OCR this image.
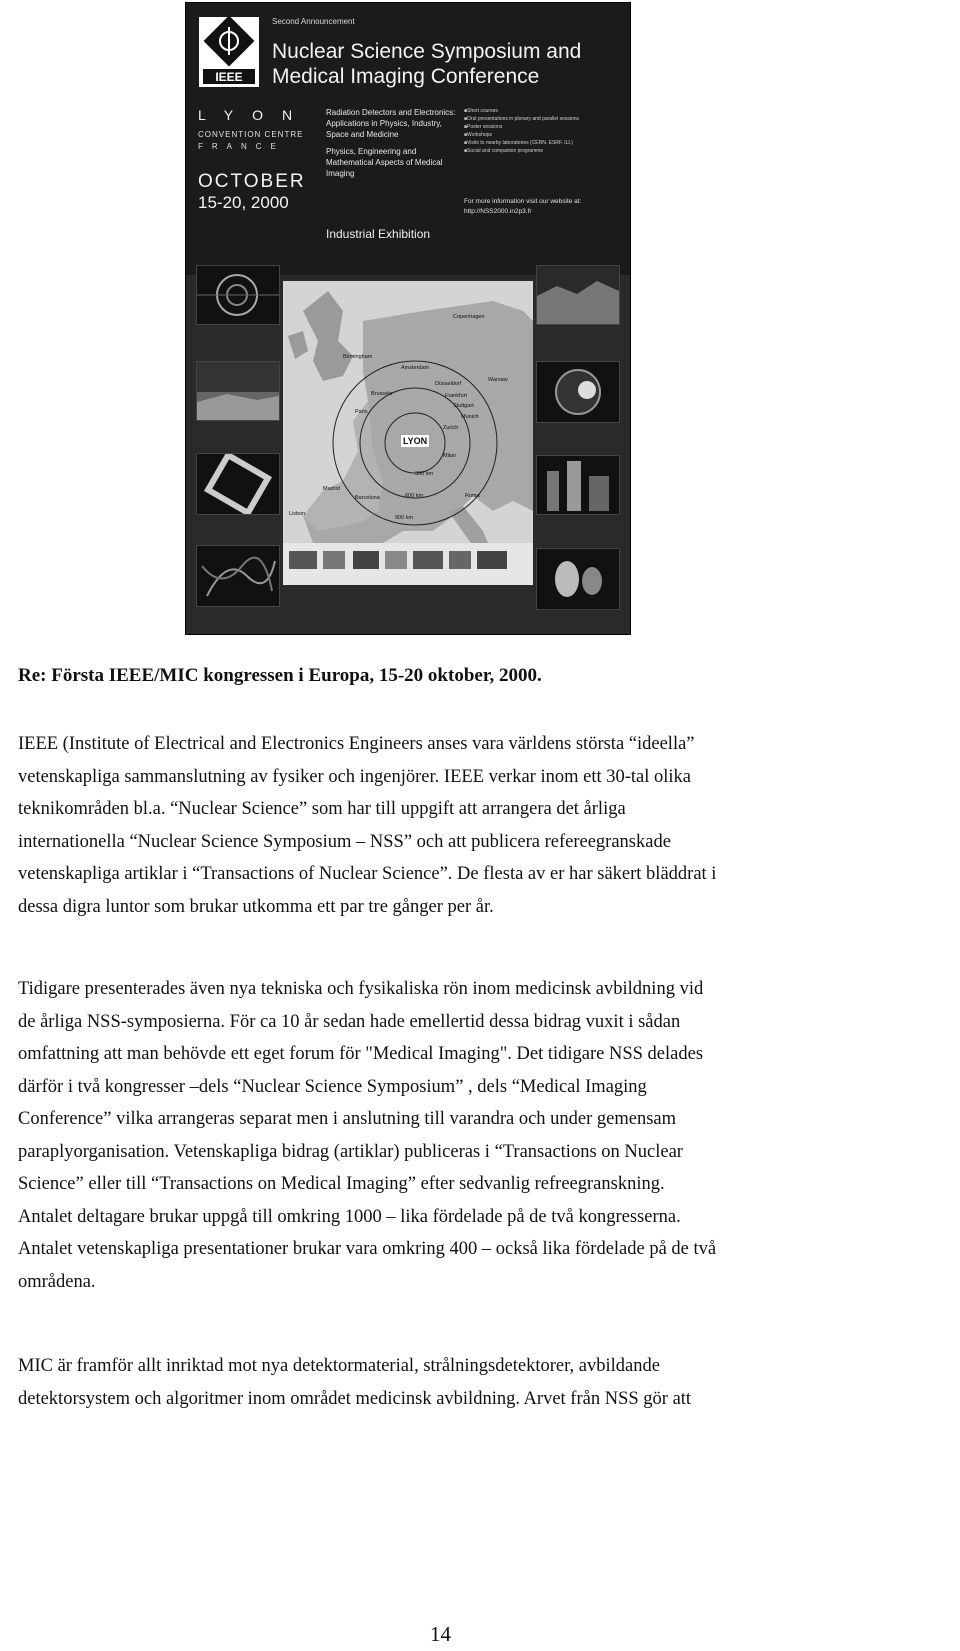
IEEE
Second Announcement
Nuclear Science Symposium and
Medical Imaging Conference
LYON
CONVENTION CENTRE
FRANCE
OCTOBER
15-20, 2000
Radiation Detectors and Electronics: Applications in Physics, Industry, Space and Medicine
Physics, Engineering and Mathematical Aspects of Medical Imaging
■ Short courses
■ Oral presentations in plenary and parallel sessions
■ Poster sessions
■ Workshops
■ Visits to nearby laboratories (CERN, ESRF, ILL)
■ Social and companion programme
For more information visit our website at:
http://NSS2000.in2p3.fr
Industrial Exhibition
Copenhagen
Birmingham
Amsterdam
Warsaw
Brussels
Düsseldorf
Frankfurt
Stuttgart
Paris
Munich
Zurich
Milan
LYON
Madrid
Barcelona	Roma
Lisbon
300 km
600 km
900 km
Re: Första IEEE/MIC kongressen i Europa, 15-20 oktober, 2000.

IEEE (Institute of Electrical and Electronics Engineers anses vara världens största “ideella”
vetenskapliga sammanslutning av fysiker och ingenjörer. IEEE verkar inom ett 30-tal olika
teknikområden bl.a. “Nuclear Science” som har till uppgift att arrangera det årliga
internationella “Nuclear Science Symposium – NSS” och att publicera refereegranskade
vetenskapliga artiklar i “Transactions of Nuclear Science”. De flesta av er har säkert bläddrat i
dessa digra luntor som brukar utkomma ett par tre gånger per år.

Tidigare presenterades även nya tekniska och fysikaliska rön inom medicinsk avbildning vid
de årliga NSS-symposierna. För ca 10 år sedan hade emellertid dessa bidrag vuxit i sådan
omfattning att man behövde ett eget forum för "Medical Imaging". Det tidigare NSS delades
därför i två kongresser –dels “Nuclear Science Symposium” , dels “Medical Imaging
Conference” vilka arrangeras separat men i anslutning till varandra och under gemensam
paraplyorganisation. Vetenskapliga bidrag (artiklar) publiceras i “Transactions on Nuclear
Science” eller till “Transactions on Medical Imaging” efter sedvanlig refreegranskning.
Antalet deltagare brukar uppgå till omkring 1000 – lika fördelade på de två kongresserna.
Antalet vetenskapliga presentationer brukar vara omkring 400 – också lika fördelade på de två
områdena.

MIC är framför allt inriktad mot nya detektormaterial, strålningsdetektorer, avbildande
detektorsystem och algoritmer inom området medicinsk avbildning. Arvet från NSS gör att

14
